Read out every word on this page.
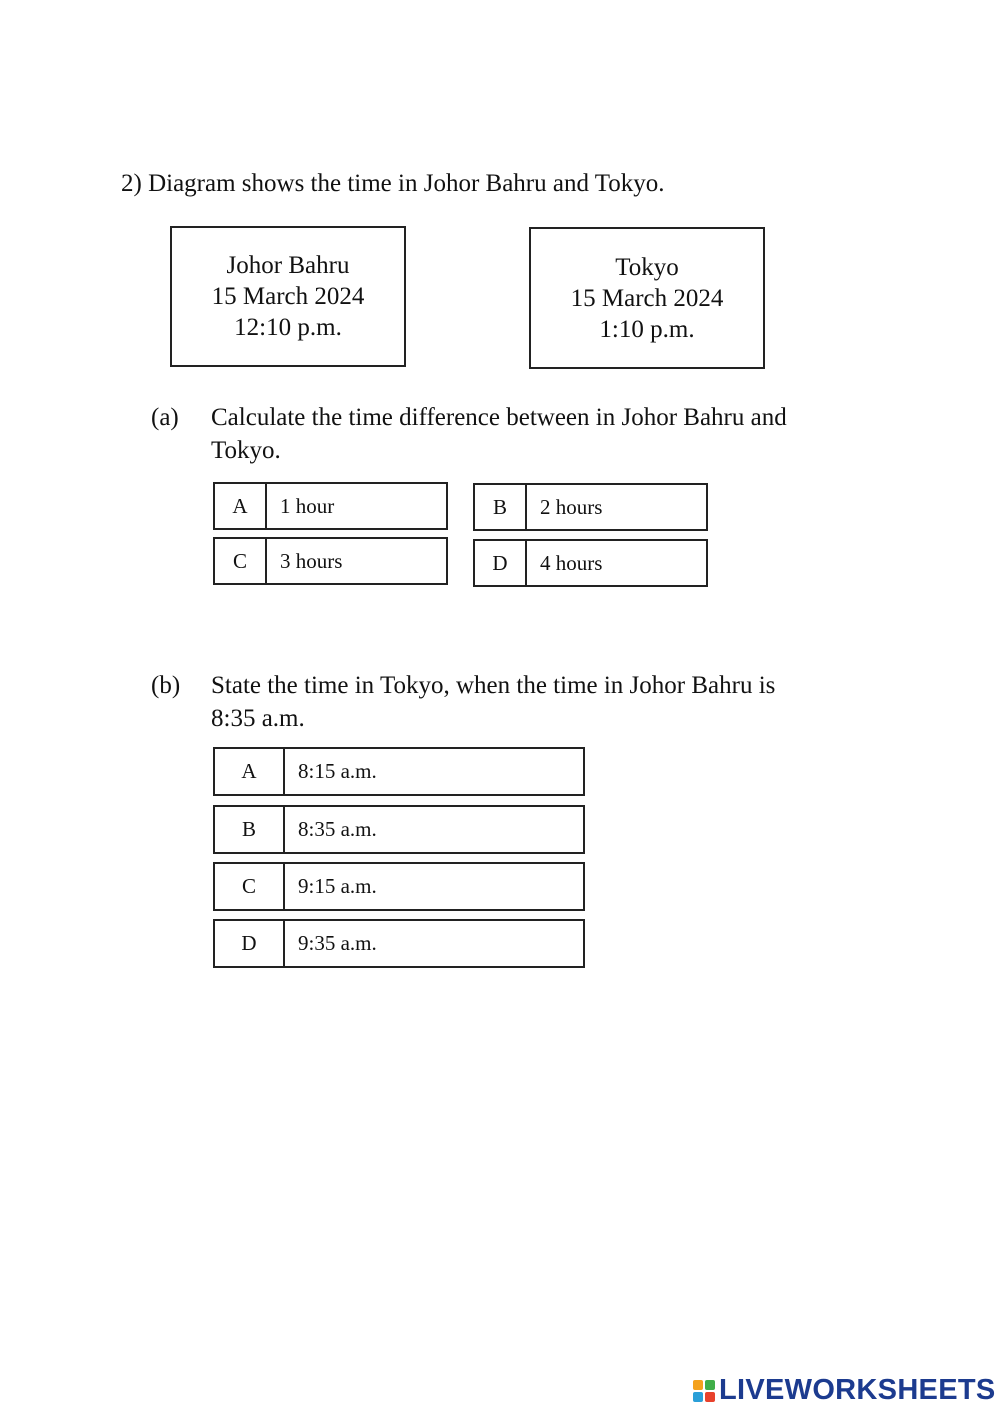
2) Diagram shows the time in Johor Bahru and Tokyo.
Johor Bahru
15 March 2024
12:10 p.m.
Tokyo
15 March 2024
1:10 p.m.
(a) Calculate the time difference between in Johor Bahru and
Tokyo.
A	1 hour	B	2 hours
C	3 hours	D	4 hours
(b) State the time in Tokyo, when the time in Johor Bahru is
8:35 a.m.
A	8:15 a.m.
B	8:35 a.m.
C	9:15 a.m.
D	9:35 a.m.
LIVEWORKSHEETS
